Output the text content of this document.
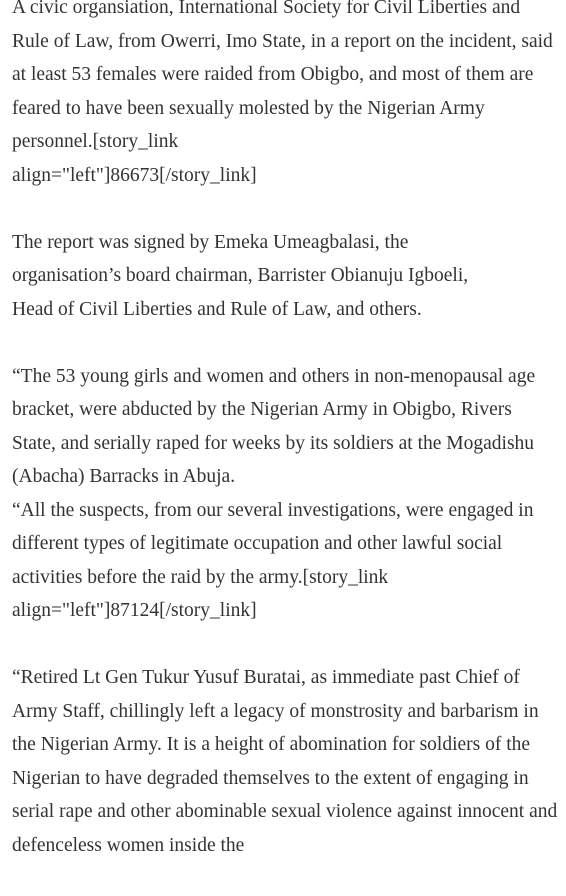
A civic organsiation, International Society for Civil Liberties and Rule of Law, from Owerri, Imo State, in a report on the incident, said at least 53 females were raided from Obigbo, and most of them are feared to have been sexually molested by the Nigerian Army personnel.[story_link
align="left"]86673[/story_link]

The report was signed by Emeka Umeagbalasi, the
organisation’s board chairman, Barrister Obianuju Igboeli,
Head of Civil Liberties and Rule of Law, and others.

“The 53 young girls and women and others in non-menopausal age bracket, were abducted by the Nigerian Army in Obigbo, Rivers State, and serially raped for weeks by its soldiers at the Mogadishu (Abacha) Barracks in Abuja.

“All the suspects, from our several investigations, were engaged in different types of legitimate occupation and other lawful social activities before the raid by the army.[story_link
align="left"]87124[/story_link]

“Retired Lt Gen Tukur Yusuf Buratai, as immediate past Chief of Army Staff, chillingly left a legacy of monstrosity and barbarism in the Nigerian Army. It is a height of abomination for soldiers of the Nigerian to have degraded themselves to the extent of engaging in serial rape and other abominable sexual violence against innocent and defenceless women inside the
